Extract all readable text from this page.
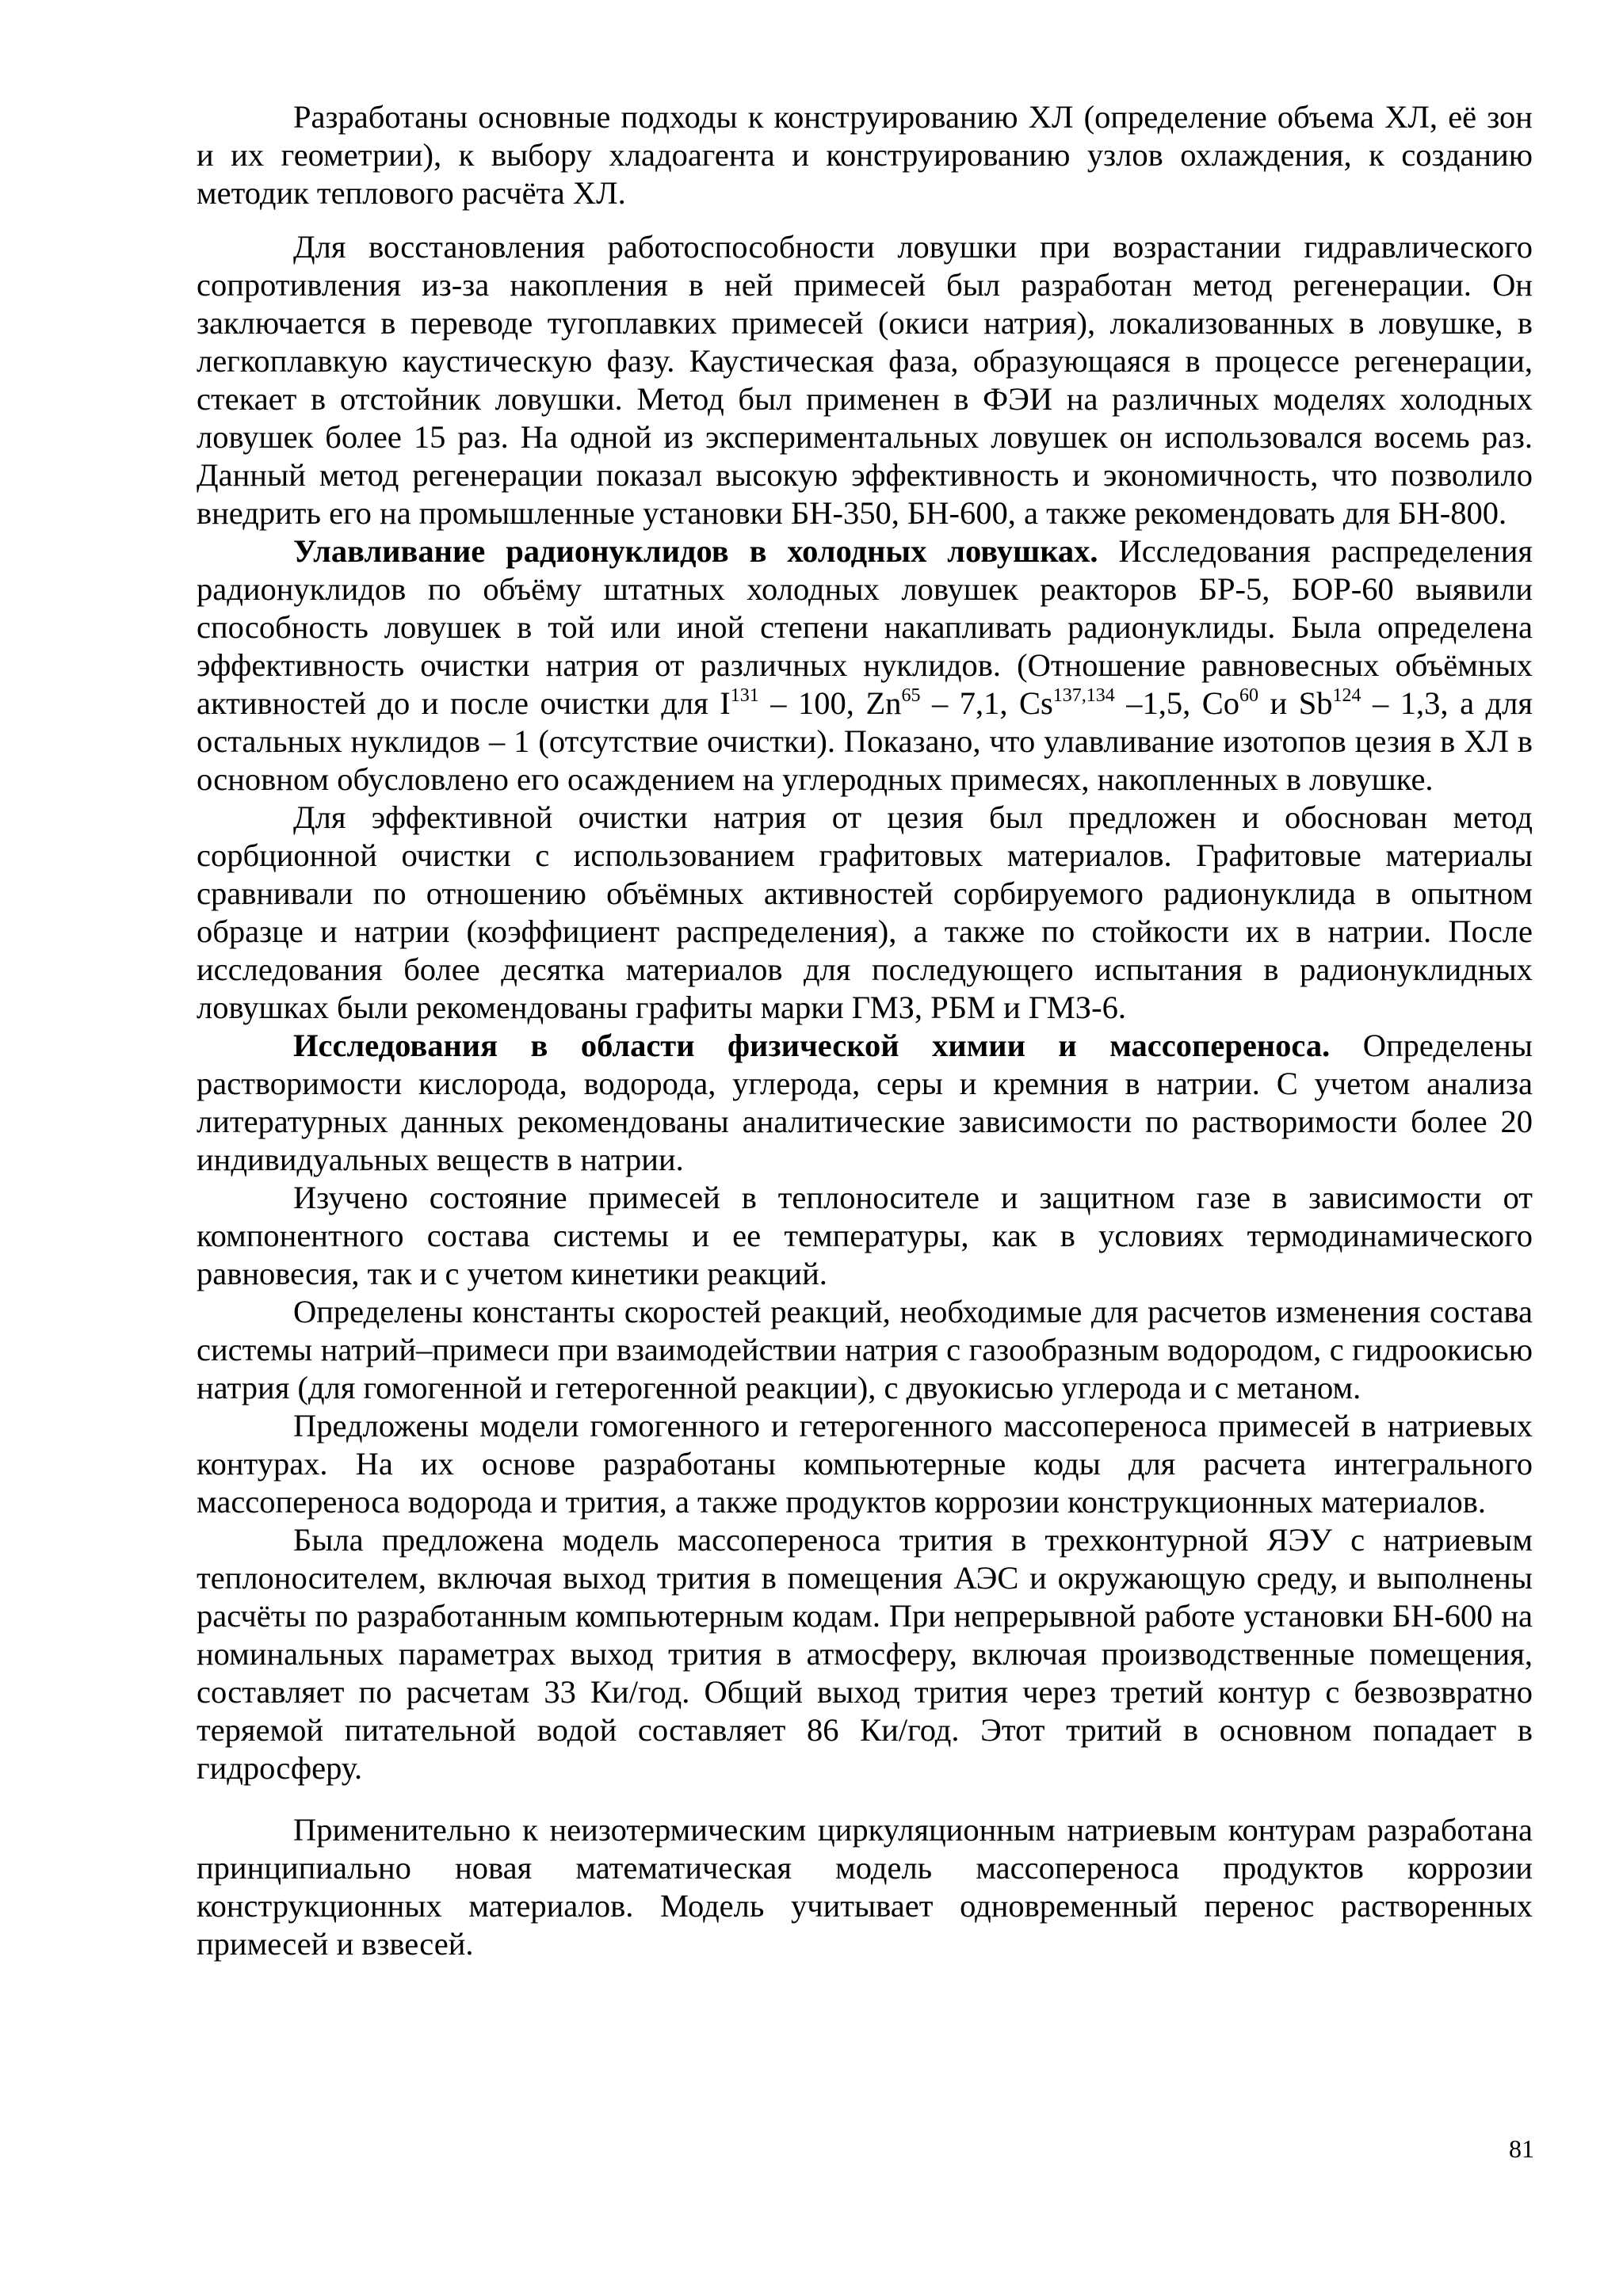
Разработаны основные подходы к конструированию ХЛ (определение объема ХЛ, её зон и их геометрии), к выбору хладоагента и конструированию узлов охлаждения, к созданию методик теплового расчёта ХЛ.

Для восстановления работоспособности ловушки при возрастании гидравлического сопротивления из-за накопления в ней примесей был разработан метод регенерации. Он заключается в переводе тугоплавких примесей (окиси натрия), локализованных в ловушке, в легкоплавкую каустическую фазу. Каустическая фаза, образующаяся в процессе регенерации, стекает в отстойник ловушки. Метод был применен в ФЭИ на различных моделях холодных ловушек более 15 раз. На одной из экспериментальных ловушек он использовался восемь раз. Данный метод регенерации показал высокую эффективность и экономичность, что позволило внедрить его на промышленные установки БН-350, БН-600, а также рекомендовать для БН-800.

Улавливание радионуклидов в холодных ловушках. Исследования распределения радионуклидов по объёму штатных холодных ловушек реакторов БР-5, БОР-60 выявили способность ловушек в той или иной степени накапливать радионуклиды. Была определена эффективность очистки натрия от различных нуклидов. (Отношение равновесных объёмных активностей до и после очистки для $I^{131} - 100$, Zn$^{65}$ – 7,1, Cs$^{137,134}$ –1,5, Co$^{60}$ и Sb$^{124}$ – 1,3, а для остальных нуклидов – 1 (отсутствие очистки). Показано, что улавливание изотопов цезия в ХЛ в основном обусловлено его осаждением на углеродных примесях, накопленных в ловушке.

Для эффективной очистки натрия от цезия был предложен и обоснован метод сорбционной очистки с использованием графитовых материалов. Графитовые материалы сравнивали по отношению объёмных активностей сорбируемого радионуклида в опытном образце и натрии (коэффициент распределения), а также по стойкости их в натрии. После исследования более десятка материалов для последующего испытания в радионуклидных ловушках были рекомендованы графиты марки ГМЗ, РБМ и ГМЗ-6.

Исследования в области физической химии и массопереноса. Определены растворимости кислорода, водорода, углерода, серы и кремния в натрии. С учетом анализа литературных данных рекомендованы аналитические зависимости по растворимости более 20 индивидуальных веществ в натрии.

Изучено состояние примесей в теплоносителе и защитном газе в зависимости от компонентного состава системы и ее температуры, как в условиях термодинамического равновесия, так и с учетом кинетики реакций.

Определены константы скоростей реакций, необходимые для расчетов изменения состава системы натрий–примеси при взаимодействии натрия с газообразным водородом, с гидроокисью натрия (для гомогенной и гетерогенной реакции), с двуокисью углерода и с метаном.

Предложены модели гомогенного и гетерогенного массопереноса примесей в натриевых контурах. На их основе разработаны компьютерные коды для расчета интегрального массопереноса водорода и трития, а также продуктов коррозии конструкционных материалов.

Была предложена модель массопереноса трития в трехконтурной ЯЭУ с натриевым теплоносителем, включая выход трития в помещения АЭС и окружающую среду, и выполнены расчёты по разработанным компьютерным кодам. При непрерывной работе установки БН-600 на номинальных параметрах выход трития в атмосферу, включая производственные помещения, составляет по расчетам 33 Ки/год. Общий выход трития через третий контур с безвозвратно теряемой питательной водой составляет 86 Ки/год. Этот тритий в основном попадает в гидросферу.

Применительно к неизотермическим циркуляционным натриевым контурам разработана принципиально новая математическая модель массопереноса продуктов коррозии конструкционных материалов. Модель учитывает одновременный перенос растворенных примесей и взвесей.

81
